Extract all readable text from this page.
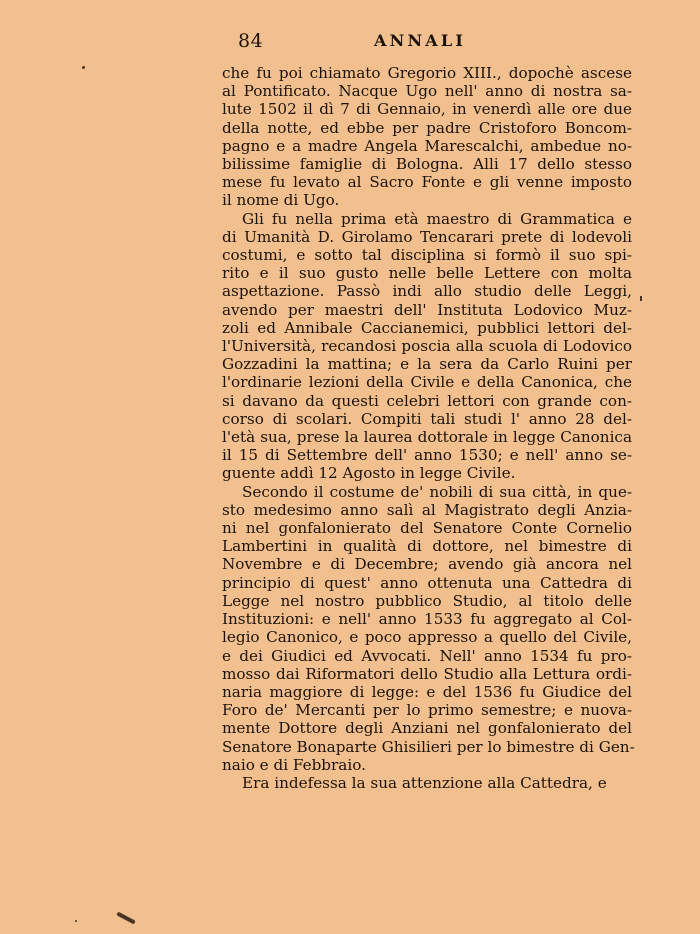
84	ANNALI
che fu poi chiamato Gregorio XIII., dopochè ascese
al Pontificato. Nacque Ugo nell' anno di nostra sa-
lute 1502 il dì 7 di Gennaio, in venerdì alle ore due
della notte, ed ebbe per padre Cristoforo Boncom-
pagno e a madre Angela Marescalchi, ambedue no-
bilissime famiglie di Bologna. Alli 17 dello stesso
mese fu levato al Sacro Fonte e gli venne imposto
il nome di Ugo.
Gli fu nella prima età maestro di Grammatica e
di Umanità D. Girolamo Tencarari prete di lodevoli
costumi, e sotto tal disciplina si formò il suo spi-
rito e il suo gusto nelle belle Lettere con molta
aspettazione. Passò indi allo studio delle Leggi,
avendo per maestri dell' Instituta Lodovico Muz-
zoli ed Annibale Caccianemici, pubblici lettori del-
l'Università, recandosi poscia alla scuola di Lodovico
Gozzadini la mattina; e la sera da Carlo Ruini per
l'ordinarie lezioni della Civile e della Canonica, che
si davano da questi celebri lettori con grande con-
corso di scolari. Compiti tali studi l' anno 28 del-
l'età sua, prese la laurea dottorale in legge Canonica
il 15 di Settembre dell' anno 1530; e nell' anno se-
guente addì 12 Agosto in legge Civile.
Secondo il costume de' nobili di sua città, in que-
sto medesimo anno salì al Magistrato degli Anzia-
ni nel gonfalonierato del Senatore Conte Cornelio
Lambertini in qualità di dottore, nel bimestre di
Novembre e di Decembre; avendo già ancora nel
principio di quest' anno ottenuta una Cattedra di
Legge nel nostro pubblico Studio, al titolo delle
Instituzioni: e nell' anno 1533 fu aggregato al Col-
legio Canonico, e poco appresso a quello del Civile,
e dei Giudici ed Avvocati. Nell' anno 1534 fu pro-
mosso dai Riformatori dello Studio alla Lettura ordi-
naria maggiore di legge: e del 1536 fu Giudice del
Foro de' Mercanti per lo primo semestre; e nuova-
mente Dottore degli Anziani nel gonfalonierato del
Senatore Bonaparte Ghisilieri per lo bimestre di Gen-
naio e di Febbraio.
Era indefessa la sua attenzione alla Cattedra, e
